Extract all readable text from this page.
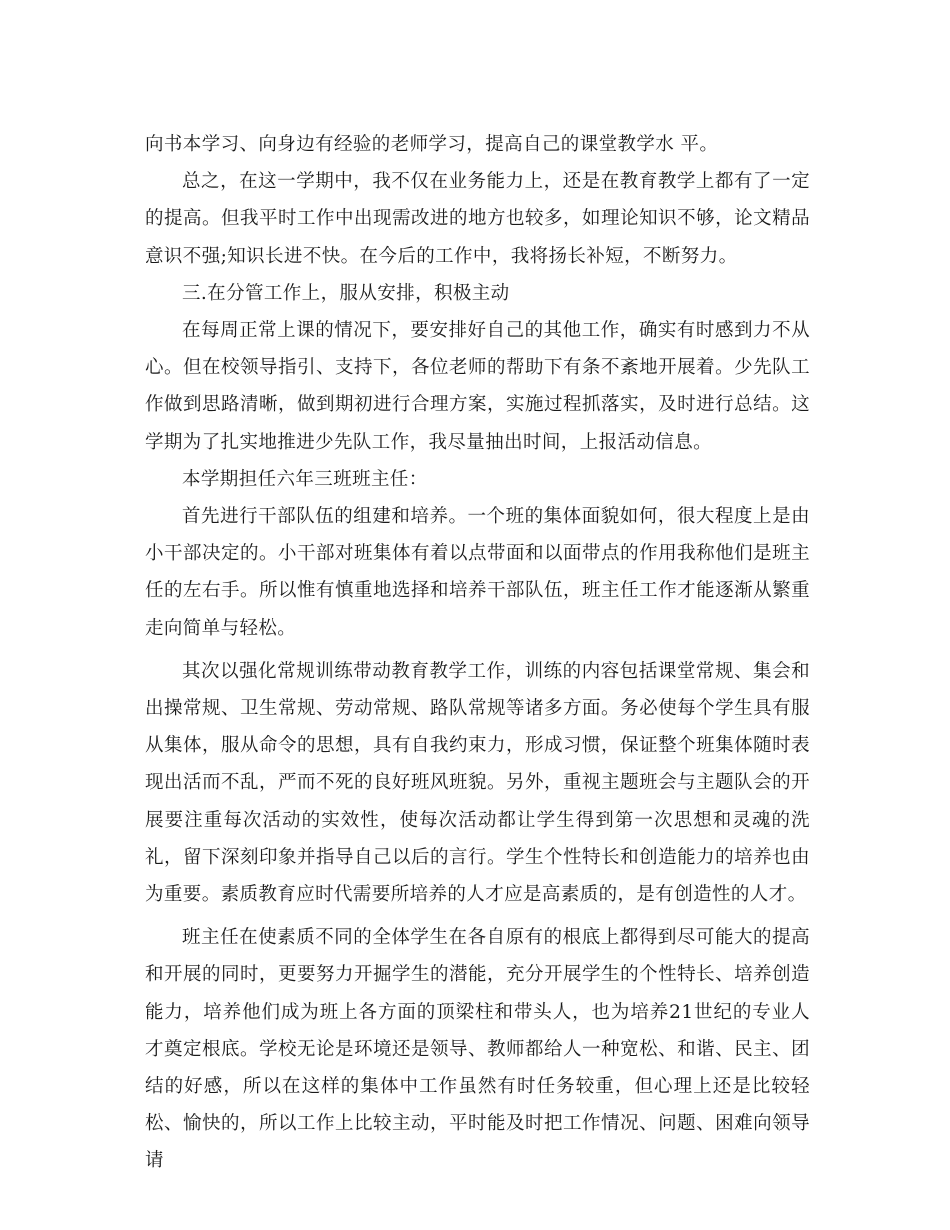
向书本学习、向身边有经验的老师学习，提高自己的课堂教学水 平。

总之，在这一学期中，我不仅在业务能力上，还是在教育教学上都有了一定的提高。但我平时工作中出现需改进的地方也较多，如理论知识不够，论文精品意识不强;知识长进不快。在今后的工作中，我将扬长补短，不断努力。

三.在分管工作上，服从安排，积极主动

在每周正常上课的情况下，要安排好自己的其他工作，确实有时感到力不从心。但在校领导指引、支持下，各位老师的帮助下有条不紊地开展着。少先队工作做到思路清晰，做到期初进行合理方案，实施过程抓落实，及时进行总结。这学期为了扎实地推进少先队工作，我尽量抽出时间，上报活动信息。

本学期担任六年三班班主任：

首先进行干部队伍的组建和培养。一个班的集体面貌如何，很大程度上是由小干部决定的。小干部对班集体有着以点带面和以面带点的作用我称他们是班主任的左右手。所以惟有慎重地选择和培养干部队伍，班主任工作才能逐渐从繁重走向简单与轻松。

其次以强化常规训练带动教育教学工作，训练的内容包括课堂常规、集会和出操常规、卫生常规、劳动常规、路队常规等诸多方面。务必使每个学生具有服从集体，服从命令的思想，具有自我约束力，形成习惯，保证整个班集体随时表现出活而不乱，严而不死的良好班风班貌。另外，重视主题班会与主题队会的开展要注重每次活动的实效性，使每次活动都让学生得到第一次思想和灵魂的洗礼，留下深刻印象并指导自己以后的言行。学生个性特长和创造能力的培养也由为重要。素质教育应时代需要所培养的人才应是高素质的，是有创造性的人才。

班主任在使素质不同的全体学生在各自原有的根底上都得到尽可能大的提高和开展的同时，更要努力开掘学生的潜能，充分开展学生的个性特长、培养创造能力，培养他们成为班上各方面的顶梁柱和带头人，也为培养21世纪的专业人才奠定根底。学校无论是环境还是领导、教师都给人一种宽松、和谐、民主、团结的好感，所以在这样的集体中工作虽然有时任务较重，但心理上还是比较轻松、愉快的，所以工作上比较主动，平时能及时把工作情况、问题、困难向领导请
